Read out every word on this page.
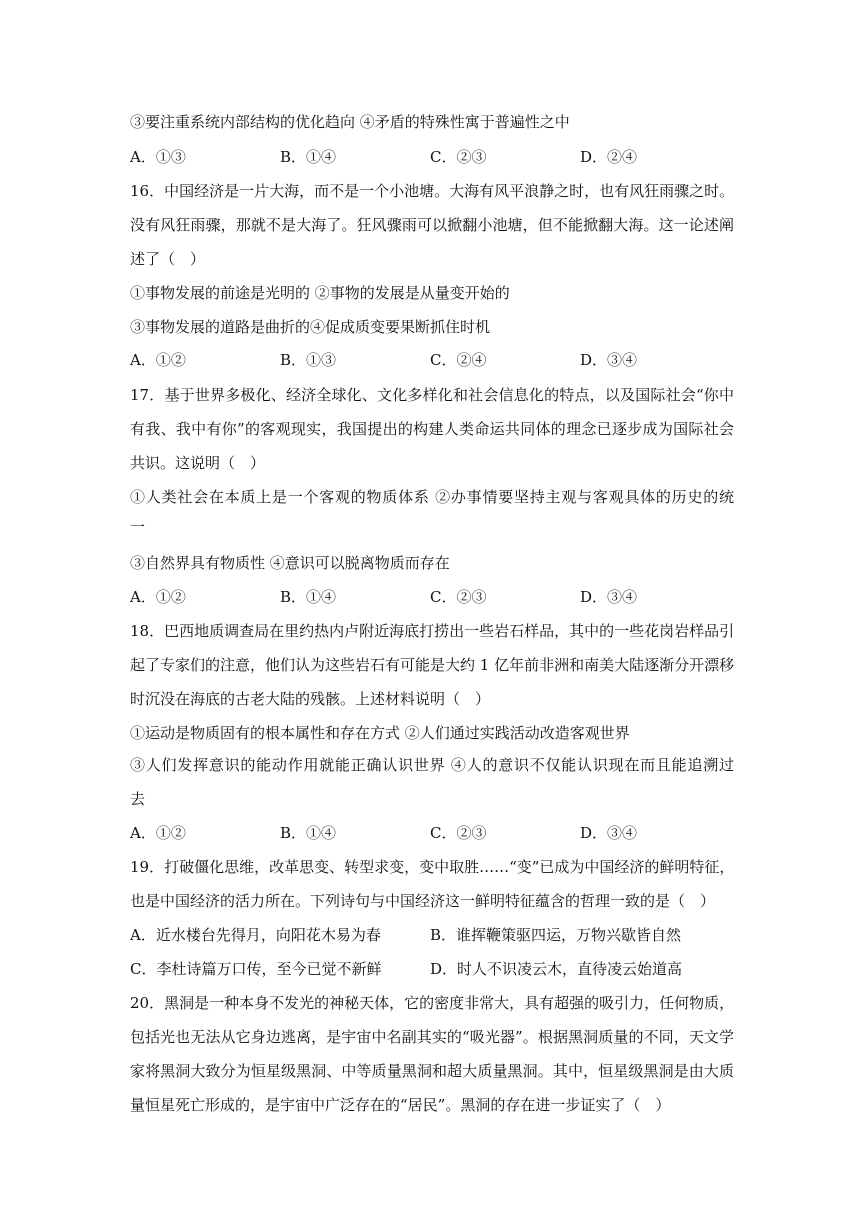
③要注重系统内部结构的优化趋向 ④矛盾的特殊性寓于普遍性之中
A．①③	B．①④	C．②③	D．②④
16．中国经济是一片大海，而不是一个小池塘。大海有风平浪静之时，也有风狂雨骤之时。
没有风狂雨骤，那就不是大海了。狂风骤雨可以掀翻小池塘，但不能掀翻大海。这一论述阐
述了（　）
①事物发展的前途是光明的 ②事物的发展是从量变开始的
③事物发展的道路是曲折的④促成质变要果断抓住时机
A．①②	B．①③	C．②④	D．③④
17．基于世界多极化、经济全球化、文化多样化和社会信息化的特点，以及国际社会“你中
有我、我中有你”的客观现实，我国提出的构建人类命运共同体的理念已逐步成为国际社会
共识。这说明（　）
①人类社会在本质上是一个客观的物质体系 ②办事情要坚持主观与客观具体的历史的统
一
③自然界具有物质性 ④意识可以脱离物质而存在
A．①②	B．①④	C．②③	D．③④
18．巴西地质调查局在里约热内卢附近海底打捞出一些岩石样品，其中的一些花岗岩样品引
起了专家们的注意，他们认为这些岩石有可能是大约 1 亿年前非洲和南美大陆逐渐分开漂移
时沉没在海底的古老大陆的残骸。上述材料说明（　）
①运动是物质固有的根本属性和存在方式 ②人们通过实践活动改造客观世界
③人们发挥意识的能动作用就能正确认识世界 ④人的意识不仅能认识现在而且能追溯过
去
A．①②	B．①④	C．②③	D．③④
19．打破僵化思维，改革思变、转型求变，变中取胜……“变”已成为中国经济的鲜明特征，
也是中国经济的活力所在。下列诗句与中国经济这一鲜明特征蕴含的哲理一致的是（　）
A．近水楼台先得月，向阳花木易为春	B．谁挥鞭策驱四运，万物兴歇皆自然
C．李杜诗篇万口传，至今已觉不新鲜	D．时人不识凌云木，直待凌云始道高
20．黑洞是一种本身不发光的神秘天体，它的密度非常大，具有超强的吸引力，任何物质，
包括光也无法从它身边逃离，是宇宙中名副其实的“吸光器”。根据黑洞质量的不同，天文学
家将黑洞大致分为恒星级黑洞、中等质量黑洞和超大质量黑洞。其中，恒星级黑洞是由大质
量恒星死亡形成的，是宇宙中广泛存在的“居民”。黑洞的存在进一步证实了（　）
